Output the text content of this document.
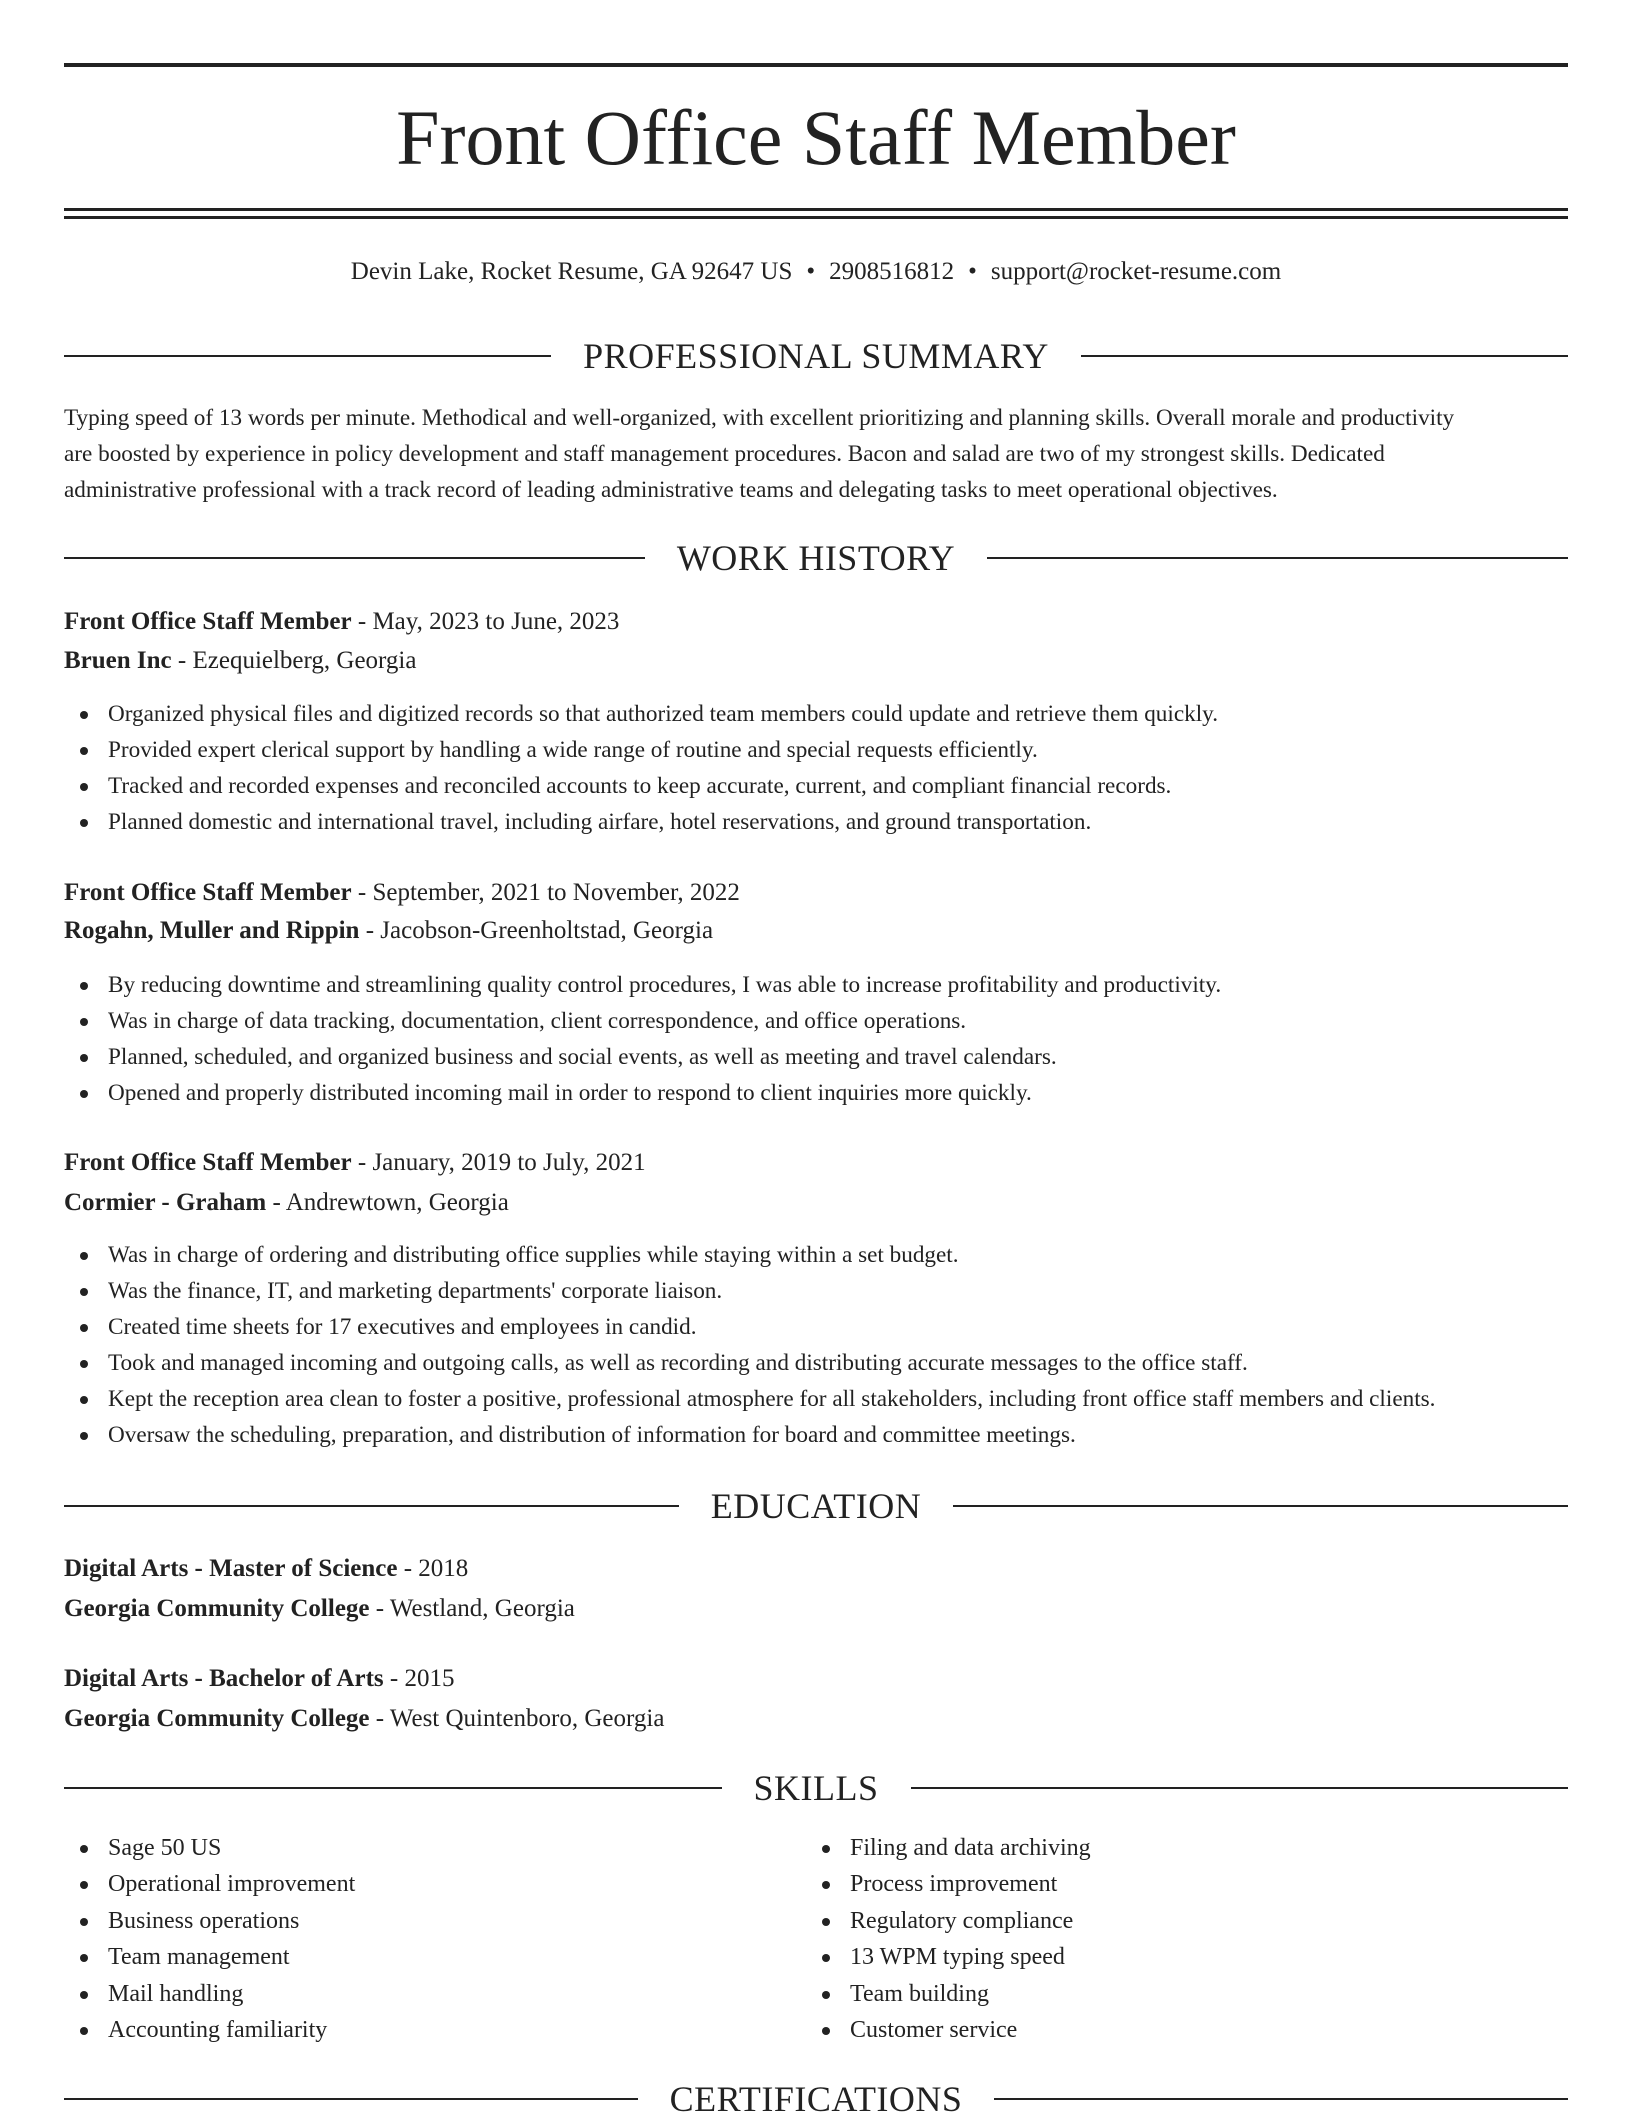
Front Office Staff Member
Devin Lake, Rocket Resume, GA 92647 US • 2908516812 • support@rocket-resume.com
PROFESSIONAL SUMMARY
Typing speed of 13 words per minute. Methodical and well-organized, with excellent prioritizing and planning skills. Overall morale and productivity
are boosted by experience in policy development and staff management procedures. Bacon and salad are two of my strongest skills. Dedicated
administrative professional with a track record of leading administrative teams and delegating tasks to meet operational objectives.
WORK HISTORY
Front Office Staff Member - May, 2023 to June, 2023
Bruen Inc - Ezequielberg, Georgia
Organized physical files and digitized records so that authorized team members could update and retrieve them quickly.
Provided expert clerical support by handling a wide range of routine and special requests efficiently.
Tracked and recorded expenses and reconciled accounts to keep accurate, current, and compliant financial records.
Planned domestic and international travel, including airfare, hotel reservations, and ground transportation.
Front Office Staff Member - September, 2021 to November, 2022
Rogahn, Muller and Rippin - Jacobson-Greenholtstad, Georgia
By reducing downtime and streamlining quality control procedures, I was able to increase profitability and productivity.
Was in charge of data tracking, documentation, client correspondence, and office operations.
Planned, scheduled, and organized business and social events, as well as meeting and travel calendars.
Opened and properly distributed incoming mail in order to respond to client inquiries more quickly.
Front Office Staff Member - January, 2019 to July, 2021
Cormier - Graham - Andrewtown, Georgia
Was in charge of ordering and distributing office supplies while staying within a set budget.
Was the finance, IT, and marketing departments' corporate liaison.
Created time sheets for 17 executives and employees in candid.
Took and managed incoming and outgoing calls, as well as recording and distributing accurate messages to the office staff.
Kept the reception area clean to foster a positive, professional atmosphere for all stakeholders, including front office staff members and clients.
Oversaw the scheduling, preparation, and distribution of information for board and committee meetings.
EDUCATION
Digital Arts - Master of Science - 2018
Georgia Community College - Westland, Georgia
Digital Arts - Bachelor of Arts - 2015
Georgia Community College - West Quintenboro, Georgia
SKILLS
Sage 50 US
Operational improvement
Business operations
Team management
Mail handling
Accounting familiarity
Filing and data archiving
Process improvement
Regulatory compliance
13 WPM typing speed
Team building
Customer service
CERTIFICATIONS
